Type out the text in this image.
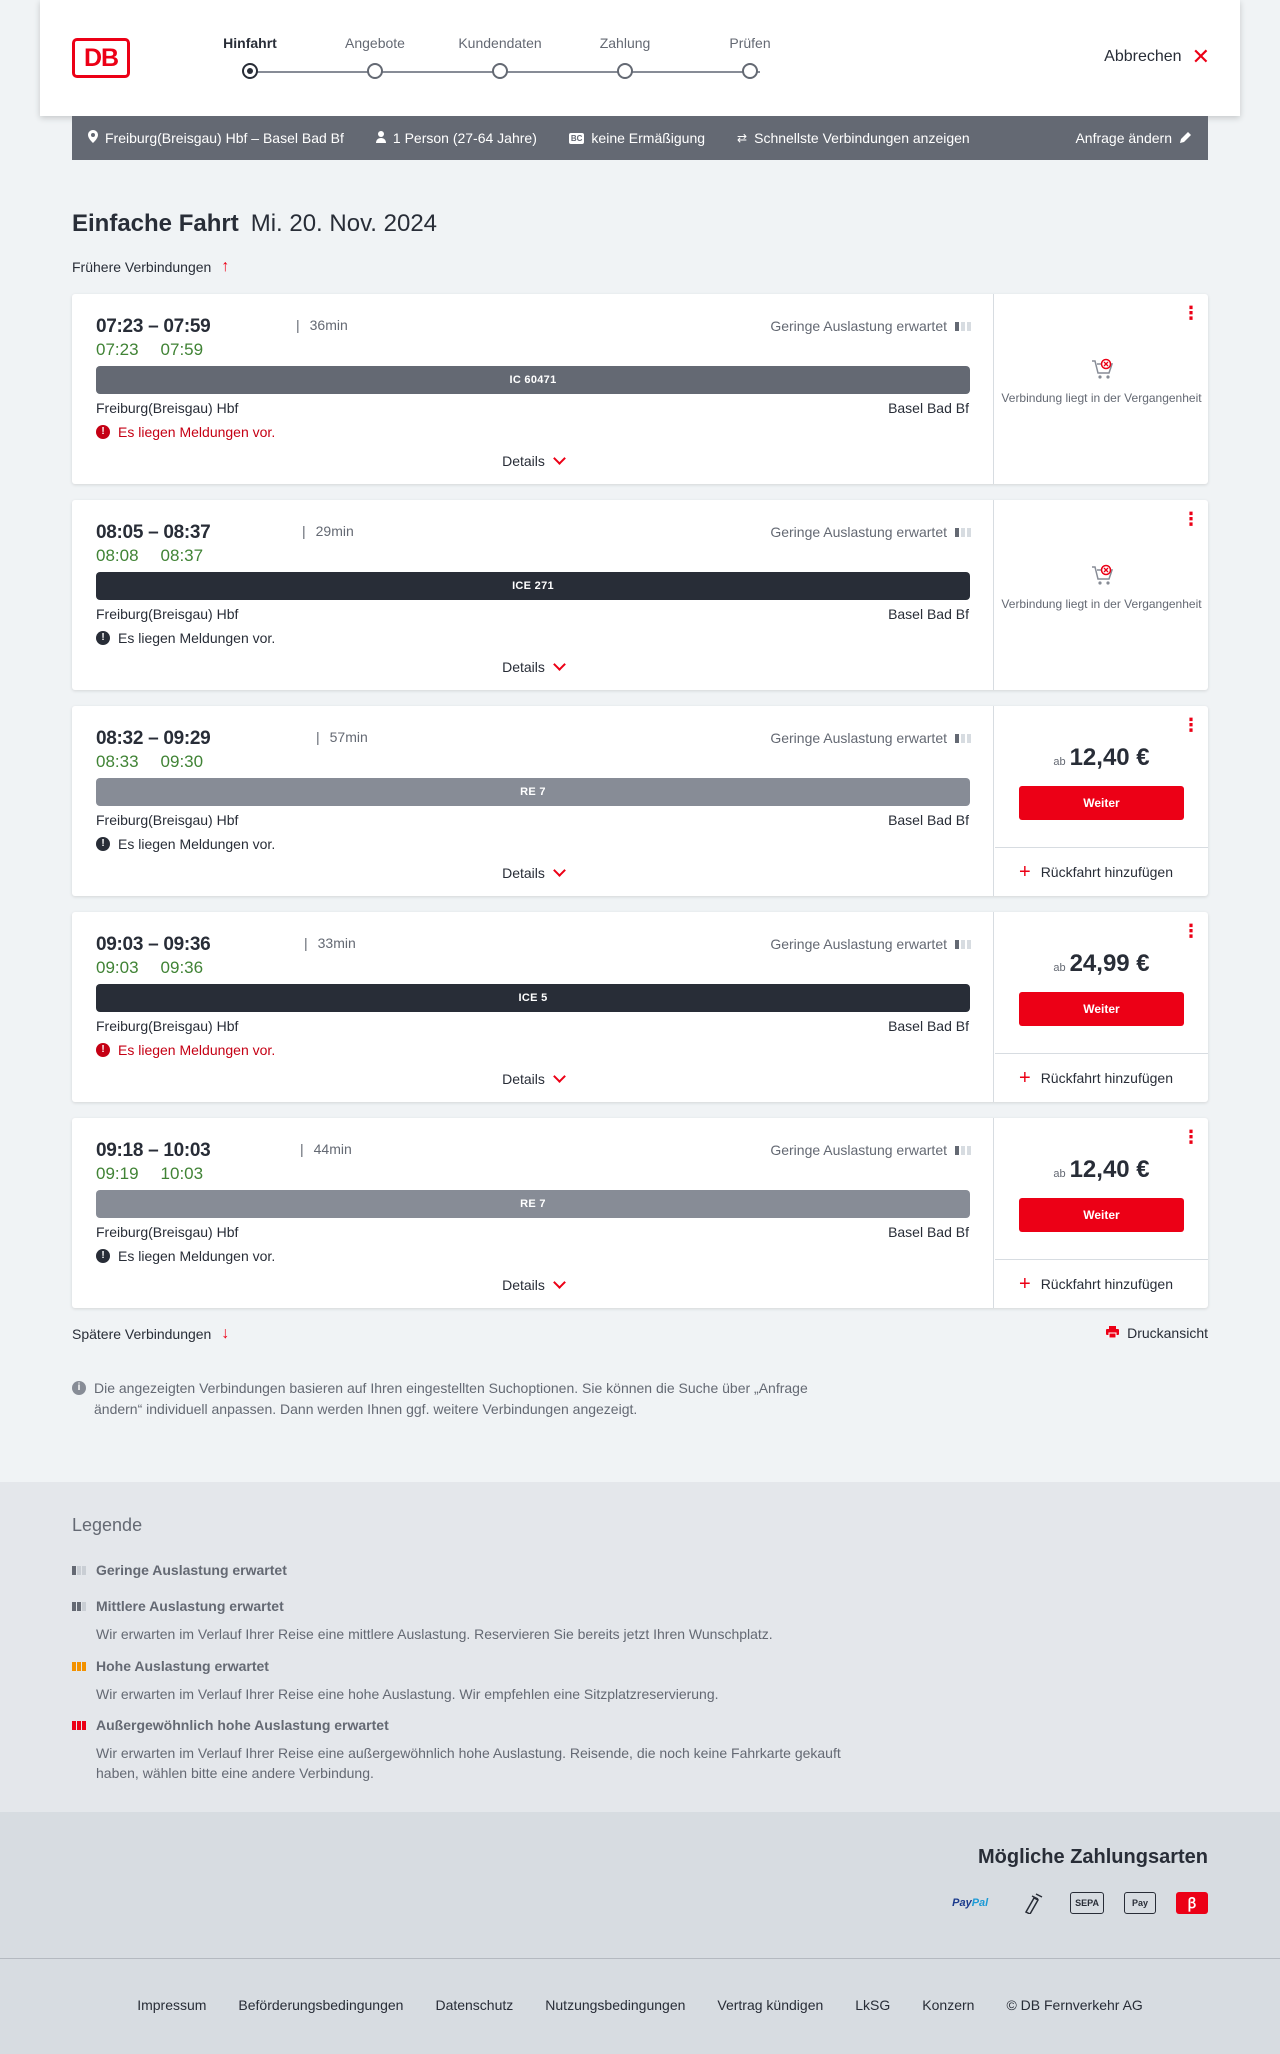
DB
Hinfahrt	Angebote	Kundendaten	Zahlung	Prüfen
Abbrechen ✕
Freiburg(Breisgau) Hbf – Basel Bad Bf	1 Person (27-64 Jahre)	BC keine Ermäßigung	⇄ Schnellste Verbindungen anzeigen	Anfrage ändern
Einfache Fahrt Mi. 20. Nov. 2024
Frühere Verbindungen ↑
07:23 – 07:59	| 36min
07:23 07:59
Geringe Auslastung erwartet
IC 60471
Freiburg(Breisgau) Hbf	Basel Bad Bf
! Es liegen Meldungen vor.
Details
⋮
Verbindung liegt in der Vergangenheit
08:05 – 08:37	| 29min
08:08 08:37
Geringe Auslastung erwartet
ICE 271
Freiburg(Breisgau) Hbf	Basel Bad Bf
! Es liegen Meldungen vor.
Details
⋮
Verbindung liegt in der Vergangenheit
08:32 – 09:29	| 57min
08:33 09:30
Geringe Auslastung erwartet
RE 7
Freiburg(Breisgau) Hbf	Basel Bad Bf
! Es liegen Meldungen vor.
Details
⋮
ab 12,40 €
Weiter
+ Rückfahrt hinzufügen
09:03 – 09:36	| 33min
09:03 09:36
Geringe Auslastung erwartet
ICE 5
Freiburg(Breisgau) Hbf	Basel Bad Bf
! Es liegen Meldungen vor.
Details
⋮
ab 24,99 €
Weiter
+ Rückfahrt hinzufügen
09:18 – 10:03	| 44min
09:19 10:03
Geringe Auslastung erwartet
RE 7
Freiburg(Breisgau) Hbf	Basel Bad Bf
! Es liegen Meldungen vor.
Details
⋮
ab 12,40 €
Weiter
+ Rückfahrt hinzufügen
Spätere Verbindungen ↓	Druckansicht
i Die angezeigten Verbindungen basieren auf Ihren eingestellten Suchoptionen. Sie können die Suche über „Anfrage ändern“ individuell anpassen. Dann werden Ihnen ggf. weitere Verbindungen angezeigt.
Legende
Geringe Auslastung erwartet
Mittlere Auslastung erwartet
Wir erwarten im Verlauf Ihrer Reise eine mittlere Auslastung. Reservieren Sie bereits jetzt Ihren Wunschplatz.
Hohe Auslastung erwartet
Wir erwarten im Verlauf Ihrer Reise eine hohe Auslastung. Wir empfehlen eine Sitzplatzreservierung.
Außergewöhnlich hohe Auslastung erwartet
Wir erwarten im Verlauf Ihrer Reise eine außergewöhnlich hohe Auslastung. Reisende, die noch keine Fahrkarte gekauft haben, wählen bitte eine andere Verbindung.
Mögliche Zahlungsarten
Pay Pal	SEPA	Pay	ꞵ
Impressum Beförderungsbedingungen Datenschutz Nutzungsbedingungen Vertrag kündigen LkSG Konzern © DB Fernverkehr AG
